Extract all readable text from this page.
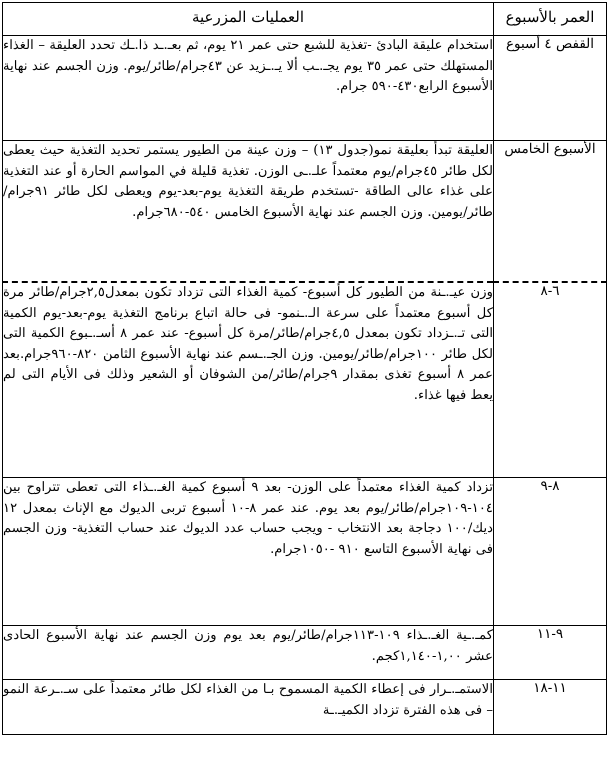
العمر بالأسبوع	العمليات المزرعية
القفص ٤ أسبوع	استخدام عليقة البادئ -تغذية للشبع حتى عمر ٢١ يوم، ثم بعـ.ـد ذا.ـك تحدد العليقة – الغذاء المستهلك حتى عمر ٣٥ يوم يجـ.ـب ألا يـ.ـزيد عن ٤٣جرام/طائر/يوم. وزن الجسم عند نهاية الأسبوع الرابع٤٣٠-٥٩٠ جرام.

الأسبوع الخامس	العليقة تبدأ بعليقة نمو(جدول ١٣) – وزن عينة من الطيور يستمر تحديد التغذية حيث يعطى لكل طائر ٤٥جرام/يوم معتمداً علـ.ـى الوزن. تغذية قليلة في المواسم الحارة أو عند التغذية على غذاء عالى الطاقة -تستخدم طريقة التغذية يوم-بعد-يوم ويعطى لكل طائر ٩١جرام/طائر/يومين. وزن الجسم عند نهاية الأسبوع الخامس ٥٤٠-٦٨٠جرام.

٦-٨	وزن عيـ.ـنة من الطيور كل أسبوع- كمية الغذاء التى تزداد تكون بمعدل٢,٥جرام/طائر مرة كل أسبوع معتمداً على سرعة الـ.ـنمو- فى حالة اتباع برنامج التغذية يوم-بعد-يوم الكمية التى تـ.ـزداد تكون بمعدل ٤,٥جرام/طائر/مرة كل أسبوع- عند عمر ٨ أسـ.ـبوع الكمية التى لكل طائر ١٠٠جرام/طائر/يومين. وزن الجـ.ـسم عند نهاية الأسبوع الثامن ٨٢٠-٩٦٠جرام.بعد عمر ٨ أسبوع تغذى بمقدار ٩جرام/طائر/من الشوفان أو الشعير وذلك فى الأيام التى لم يعط فيها غذاء.

٨-٩	تزداد كمية الغذاء معتمداً على الوزن- بعد ٩ أسبوع كمية الغـ.ـذاء التى تعطى تتراوح بين ١٠٤-١٠٩جرام/طائر/يوم بعد يوم. عند عمر ٨-١٠ أسبوع تربى الديوك مع الإناث بمعدل ١٢ ديك/١٠٠ دجاجة بعد الانتخاب - ويجب حساب عدد الديوك عند حساب التغذية- وزن الجسم فى نهاية الأسبوع التاسع ٩١٠ -١٠٥٠جرام.

٩-١١	كمـ.ـية الغـ.ـذاء ١٠٩-١١٣جرام/طائر/يوم بعد يوم وزن الجسم عند نهاية الأسبوع الحادى عشر ١,٠٠-١,١٤٠كجم.

١١-١٨	الاستمـ.ـرار فى إعطاء الكمية المسموح بـا من الغذاء لكل طائر معتمداً على سـ.ـرعة النمو – فى هذه الفترة تزداد الكميـ.ـة
